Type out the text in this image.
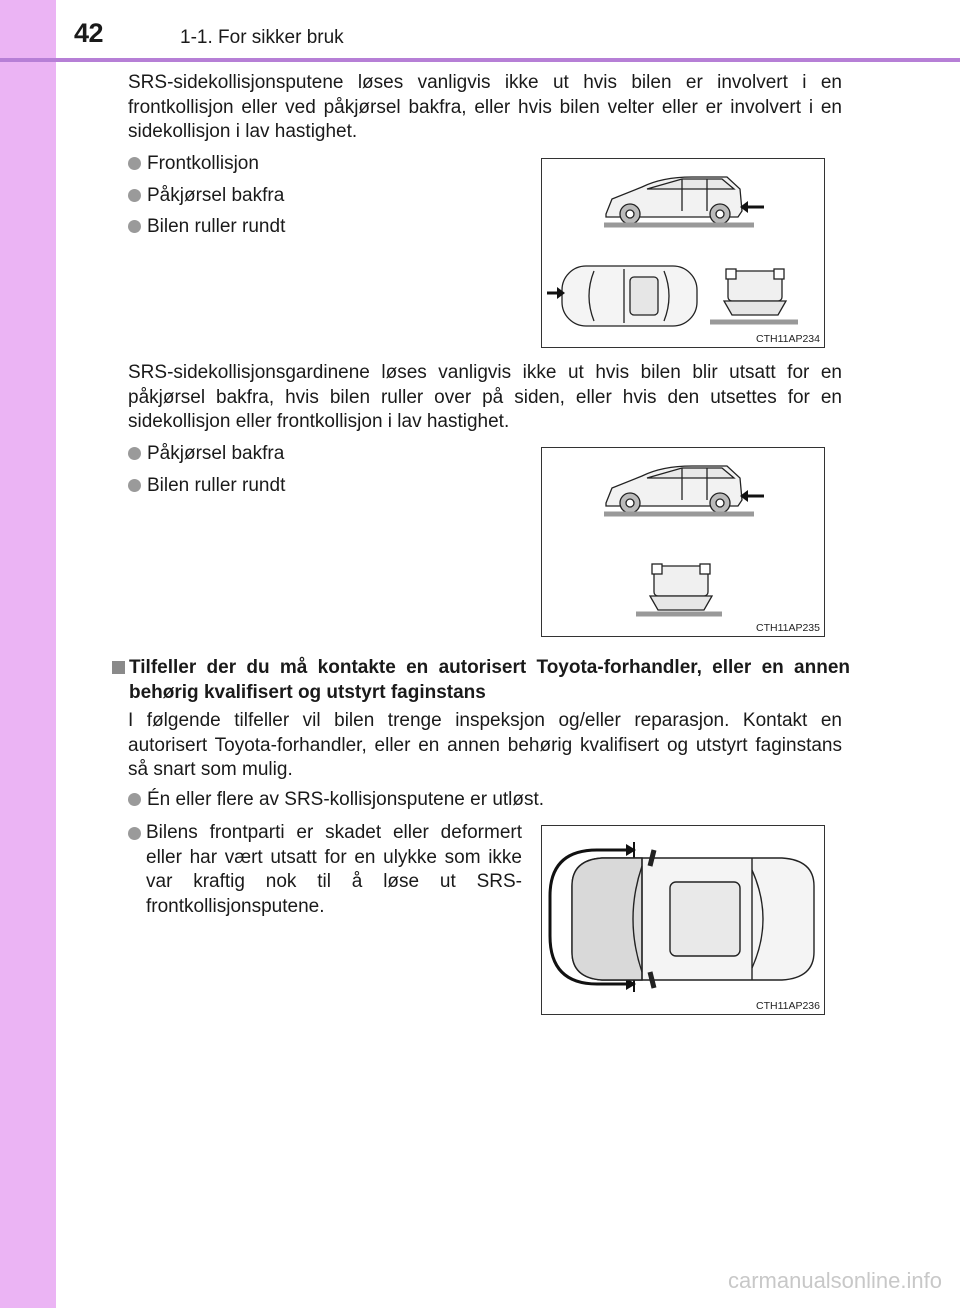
42	1-1. For sikker bruk

SRS-sidekollisjonsputene løses vanligvis ikke ut hvis bilen er involvert i en frontkollisjon eller ved påkjørsel bakfra, eller hvis bilen velter eller er involvert i en sidekollisjon i lav hastighet.

Frontkollisjon
Påkjørsel bakfra
Bilen ruller rundt
CTH11AP234

SRS-sidekollisjonsgardinene løses vanligvis ikke ut hvis bilen blir utsatt for en påkjørsel bakfra, hvis bilen ruller over på siden, eller hvis den utsettes for en sidekollisjon eller frontkollisjon i lav hastighet.

Påkjørsel bakfra
Bilen ruller rundt
CTH11AP235
Tilfeller der du må kontakte en autorisert Toyota-forhandler, eller en annen behørig kvalifisert og utstyrt faginstans

I følgende tilfeller vil bilen trenge inspeksjon og/eller reparasjon. Kontakt en autorisert Toyota-forhandler, eller en annen behørig kvalifisert og utstyrt faginstans så snart som mulig.

Én eller flere av SRS-kollisjonsputene er utløst.
Bilens frontparti er skadet eller deformert eller har vært utsatt for en ulykke som ikke var kraftig nok til å løse ut SRS-frontkollisjonsputene.
CTH11AP236
carmanualsonline.info
